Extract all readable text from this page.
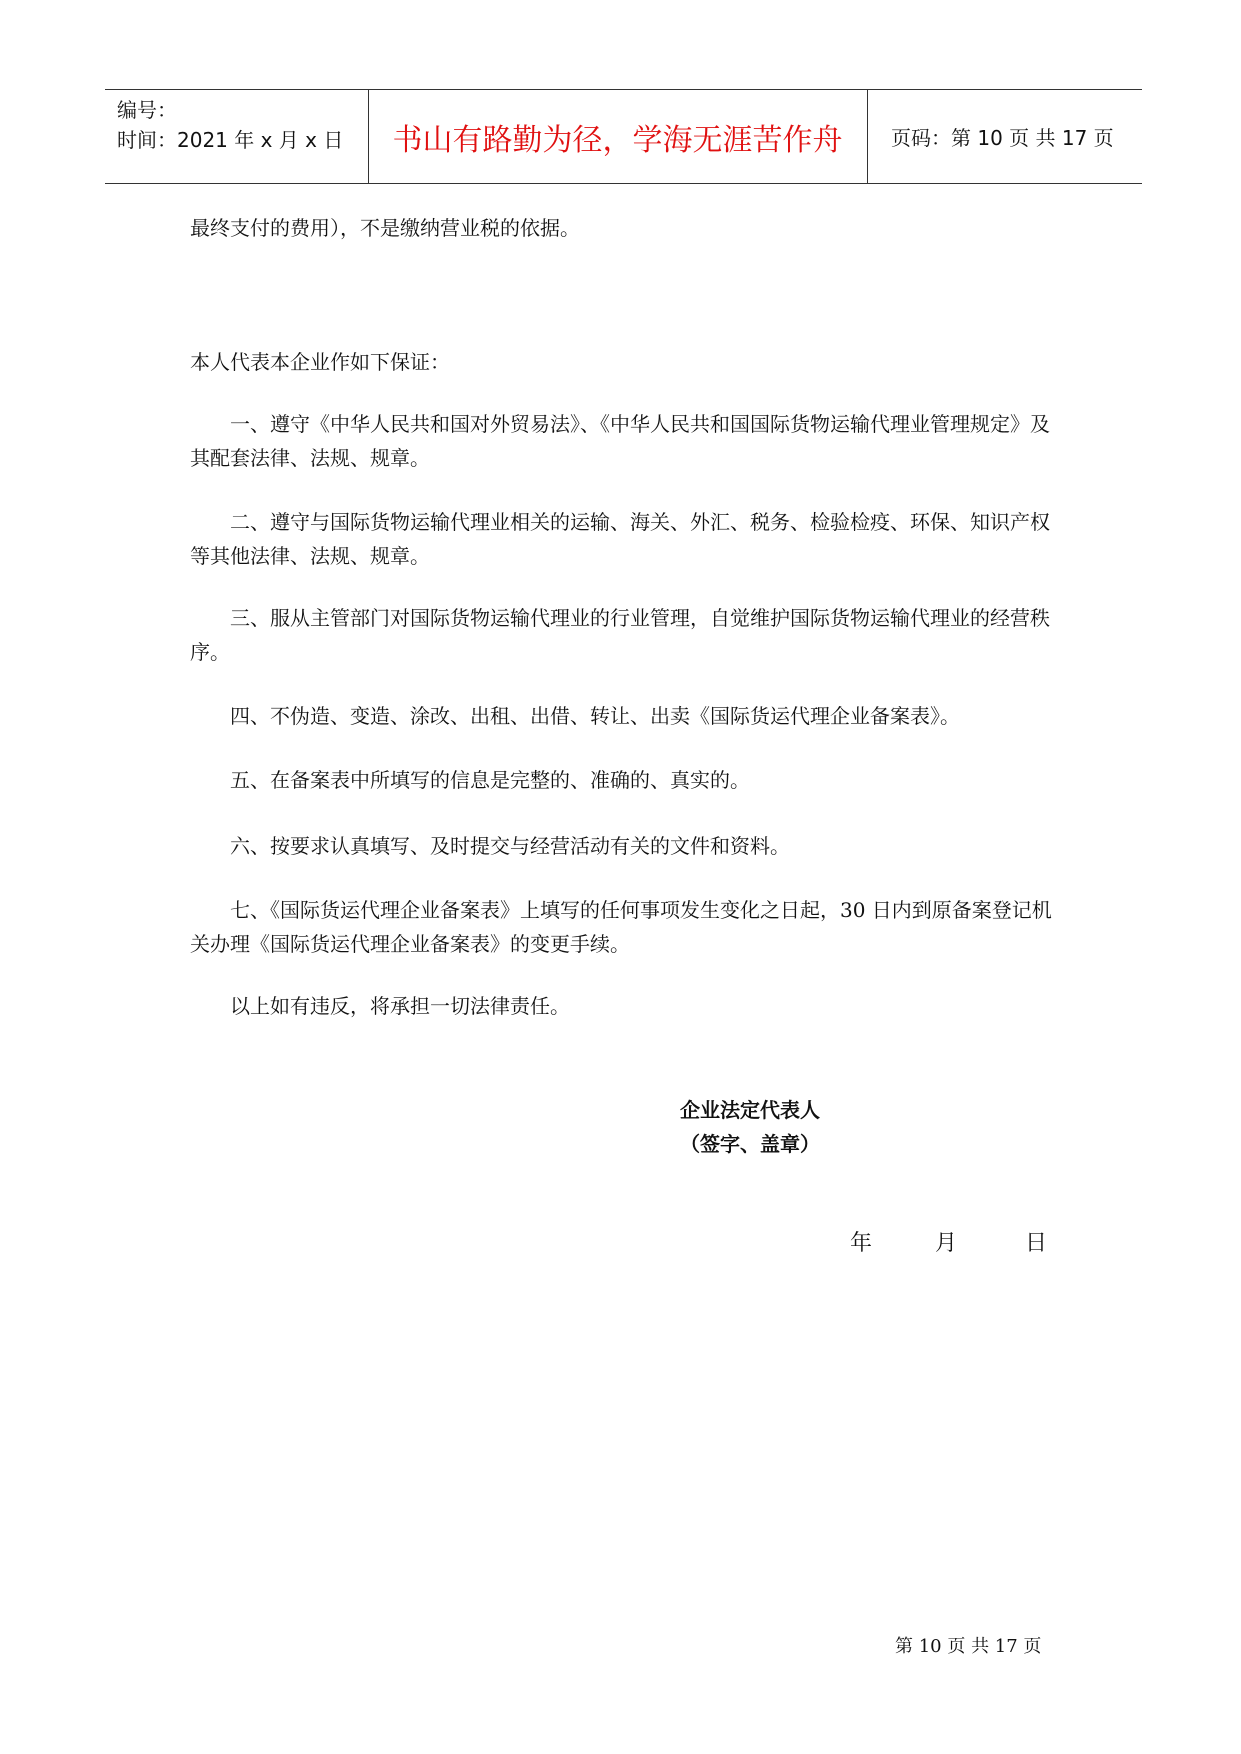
编号：
时间：2021 年 x 月 x 日	书山有路勤为径，学海无涯苦作舟	页码：第 10 页 共 17 页

最终支付的费用），不是缴纳营业税的依据。

本人代表本企业作如下保证：

一、遵守《中华人民共和国对外贸易法》、《中华人民共和国国际货物运输代理业管理规定》及其配套法律、法规、规章。

二、遵守与国际货物运输代理业相关的运输、海关、外汇、税务、检验检疫、环保、知识产权等其他法律、法规、规章。

三、服从主管部门对国际货物运输代理业的行业管理，自觉维护国际货物运输代理业的经营秩序。

四、不伪造、变造、涂改、出租、出借、转让、出卖《国际货运代理企业备案表》。

五、在备案表中所填写的信息是完整的、准确的、真实的。

六、按要求认真填写、及时提交与经营活动有关的文件和资料。

七、《国际货运代理企业备案表》上填写的任何事项发生变化之日起，30 日内到原备案登记机关办理《国际货运代理企业备案表》的变更手续。

以上如有违反，将承担一切法律责任。

企业法定代表人
（签字、盖章）
年	月	日
第 10 页 共 17 页
